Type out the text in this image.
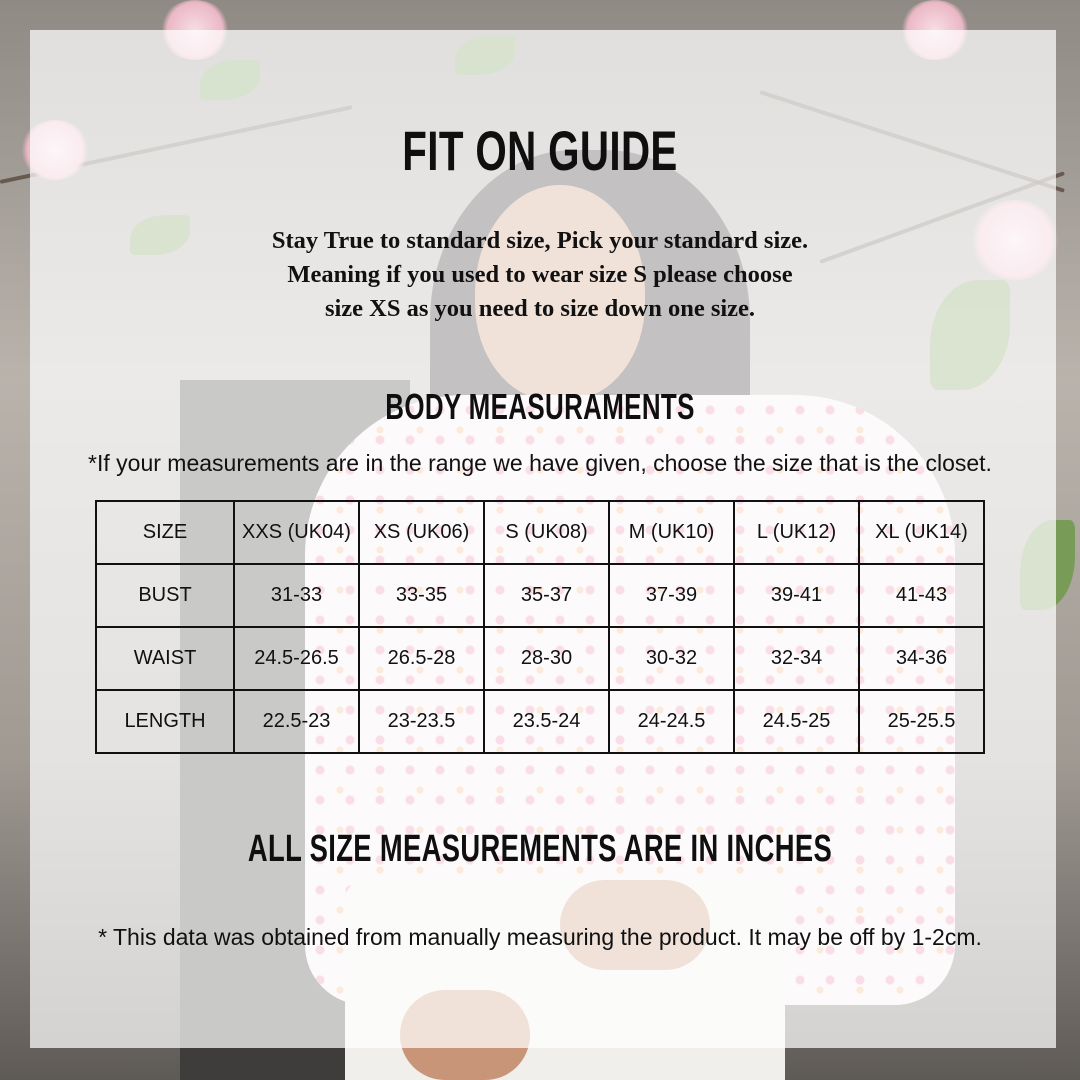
FIT ON GUIDE
Stay True to standard size, Pick your standard size.
Meaning if you used to wear size S please choose
size XS as you need to size down one size.
BODY MEASURAMENTS
*If your measurements are in the range we have given, choose the size that is the closet.
SIZE	XXS (UK04)	XS (UK06)	S (UK08)	M (UK10)	L (UK12)	XL (UK14)
BUST	31-33	33-35	35-37	37-39	39-41	41-43
WAIST	24.5-26.5	26.5-28	28-30	30-32	32-34	34-36
LENGTH	22.5-23	23-23.5	23.5-24	24-24.5	24.5-25	25-25.5
ALL SIZE MEASUREMENTS ARE IN INCHES
* This data was obtained from manually measuring the product. It may be off by 1-2cm.
